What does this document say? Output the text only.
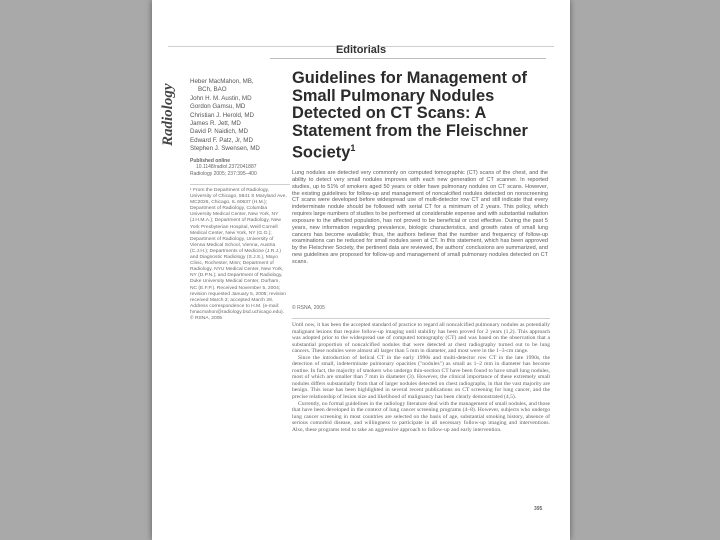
Editorials
Radiology
Heber MacMahon, MB,
BCh, BAO
John H. M. Austin, MD
Gordon Gamsu, MD
Christian J. Herold, MD
James R. Jett, MD
David P. Naidich, MD
Edward F. Patz, Jr, MD
Stephen J. Swensen, MD
Published online
10.1148/radiol.2372041887
Radiology 2005; 237:395–400
¹ From the Department of Radiology, University of Chicago, 5841 S Maryland Ave, MC2026, Chicago, IL 60637 (H.M.); Department of Radiology, Columbia University Medical Center, New York, NY (J.H.M.A.); Department of Radiology, New York Presbyterian Hospital, Weill Cornell Medical Center, New York, NY (G.G.); Department of Radiology, University of Vienna Medical School, Vienna, Austria (C.J.H.); Departments of Medicine (J.R.J.) and Diagnostic Radiology (S.J.S.), Mayo Clinic, Rochester, Minn; Department of Radiology, NYU Medical Center, New York, NY (D.P.N.); and Department of Radiology, Duke University Medical Center, Durham, NC (E.F.P.). Received November 5, 2004; revision requested January 5, 2005; revision received March 3; accepted March 28. Address correspondence to H.M. (e-mail: hmacmahon@radiology.bsd.uchicago.edu). © RSNA, 2005
Guidelines for Management of Small Pulmonary Nodules Detected on CT Scans: A Statement from the Fleischner Society$^1$
Lung nodules are detected very commonly on computed tomographic (CT) scans of the chest, and the ability to detect very small nodules improves with each new generation of CT scanner. In reported studies, up to 51% of smokers aged 50 years or older have pulmonary nodules on CT scans. However, the existing guidelines for follow-up and management of noncalcified nodules detected on nonscreening CT scans were developed before widespread use of multi-detector row CT and still indicate that every indeterminate nodule should be followed with serial CT for a minimum of 2 years. This policy, which requires large numbers of studies to be performed at considerable expense and with substantial radiation exposure to the affected population, has not proved to be beneficial or cost effective. During the past 5 years, new information regarding prevalence, biologic characteristics, and growth rates of small lung cancers has become available; thus, the authors believe that the number and frequency of follow-up examinations can be reduced for small nodules seen at CT. In this statement, which has been approved by the Fleischner Society, the pertinent data are reviewed, the authors' conclusions are summarized, and new guidelines are proposed for follow-up and management of small pulmonary nodules detected on CT scans.
© RSNA, 2005

Until now, it has been the accepted standard of practice to regard all noncalcified pulmonary nodules as potentially malignant lesions that require follow-up imaging until stability has been proved for 2 years (1,2). This approach was adopted prior to the widespread use of computed tomography (CT) and was based on the observation that a substantial proportion of noncalcified nodules that were detected at chest radiography turned out to be lung cancers. These nodules were almost all larger than 5 mm in diameter, and most were in the 1–3-cm range.

Since the introduction of helical CT in the early 1990s and multi-detector row CT in the late 1990s, the detection of small, indeterminate pulmonary opacities ("nodules") as small as 1–2 mm in diameter has become routine. In fact, the majority of smokers who undergo thin-section CT have been found to have small lung nodules, most of which are smaller than 7 mm in diameter (3). However, the clinical importance of these extremely small nodules differs substantially from that of larger nodules detected on chest radiographs, in that the vast majority are benign. This issue has been highlighted in several recent publications on CT screening for lung cancer, and the precise relationship of lesion size and likelihood of malignancy has been clearly demonstrated (4,5).

Currently, no formal guidelines in the radiology literature deal with the management of small nodules, and those that have been developed in the context of lung cancer screening programs (4–8). However, subjects who undergo lung cancer screening in most countries are selected on the basis of age, substantial smoking history, absence of serious comorbid disease, and willingness to participate in all necessary follow-up imaging and interventions. Also, these programs tend to take an aggressive approach to follow-up and early intervention.

395
